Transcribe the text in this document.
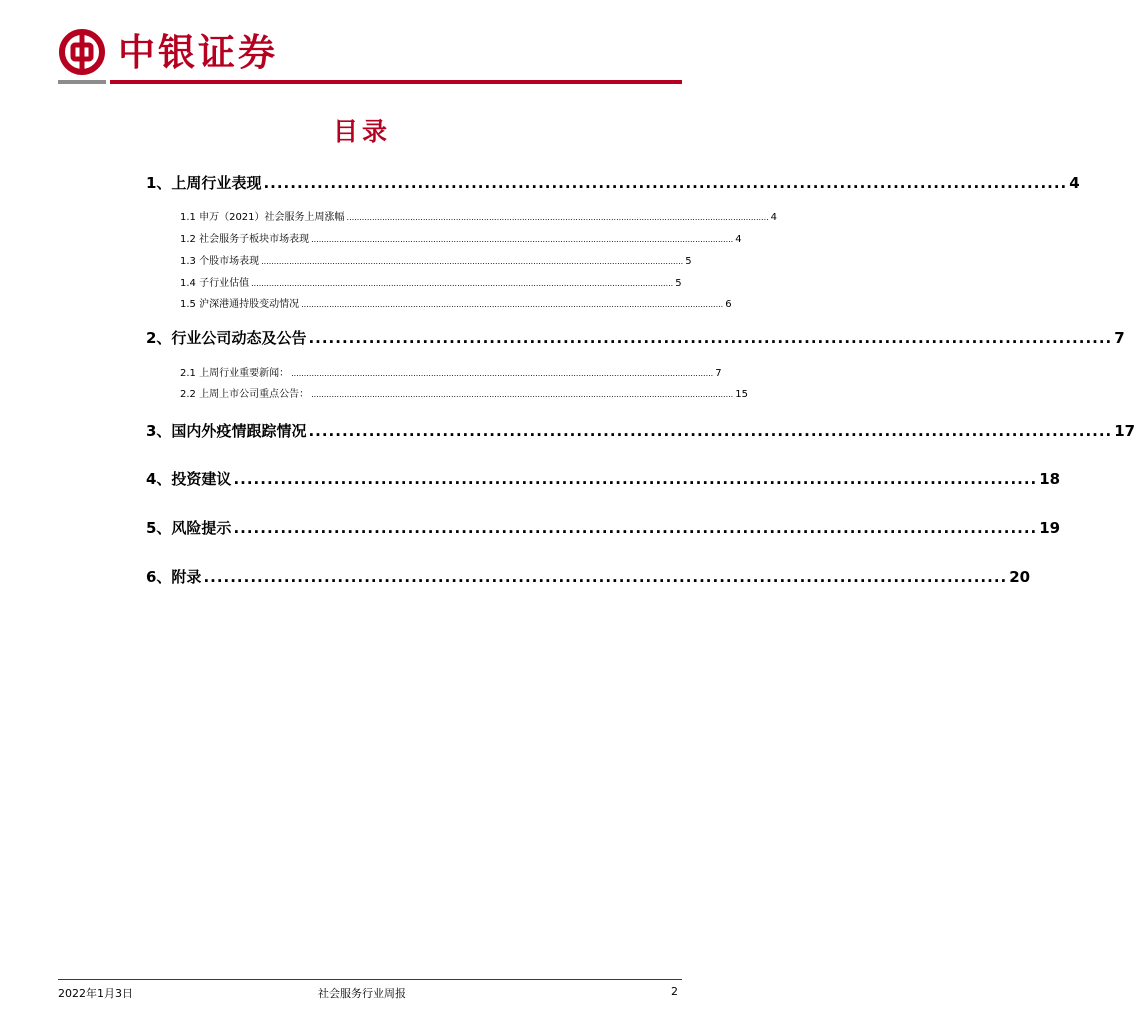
中银证券
目录
1、上周行业表现 ........................................................................................................................ 4
1.1 申万（2021）社会服务上周涨幅 ...................................................................................................................................................................... 4
1.2 社会服务子板块市场表现 ...................................................................................................................................................................... 4
1.3 个股市场表现 ...................................................................................................................................................................... 5
1.4 子行业估值 ...................................................................................................................................................................... 5
1.5 沪深港通持股变动情况 ...................................................................................................................................................................... 6
2、行业公司动态及公告 ........................................................................................................................ 7
2.1 上周行业重要新闻： ...................................................................................................................................................................... 7
2.2 上周上市公司重点公告： ...................................................................................................................................................................... 15
3、国内外疫情跟踪情况 ........................................................................................................................ 17
4、投资建议 ........................................................................................................................ 18
5、风险提示 ........................................................................................................................ 19
6、附录 ........................................................................................................................ 20
2022年1月3日	社会服务行业周报	2
